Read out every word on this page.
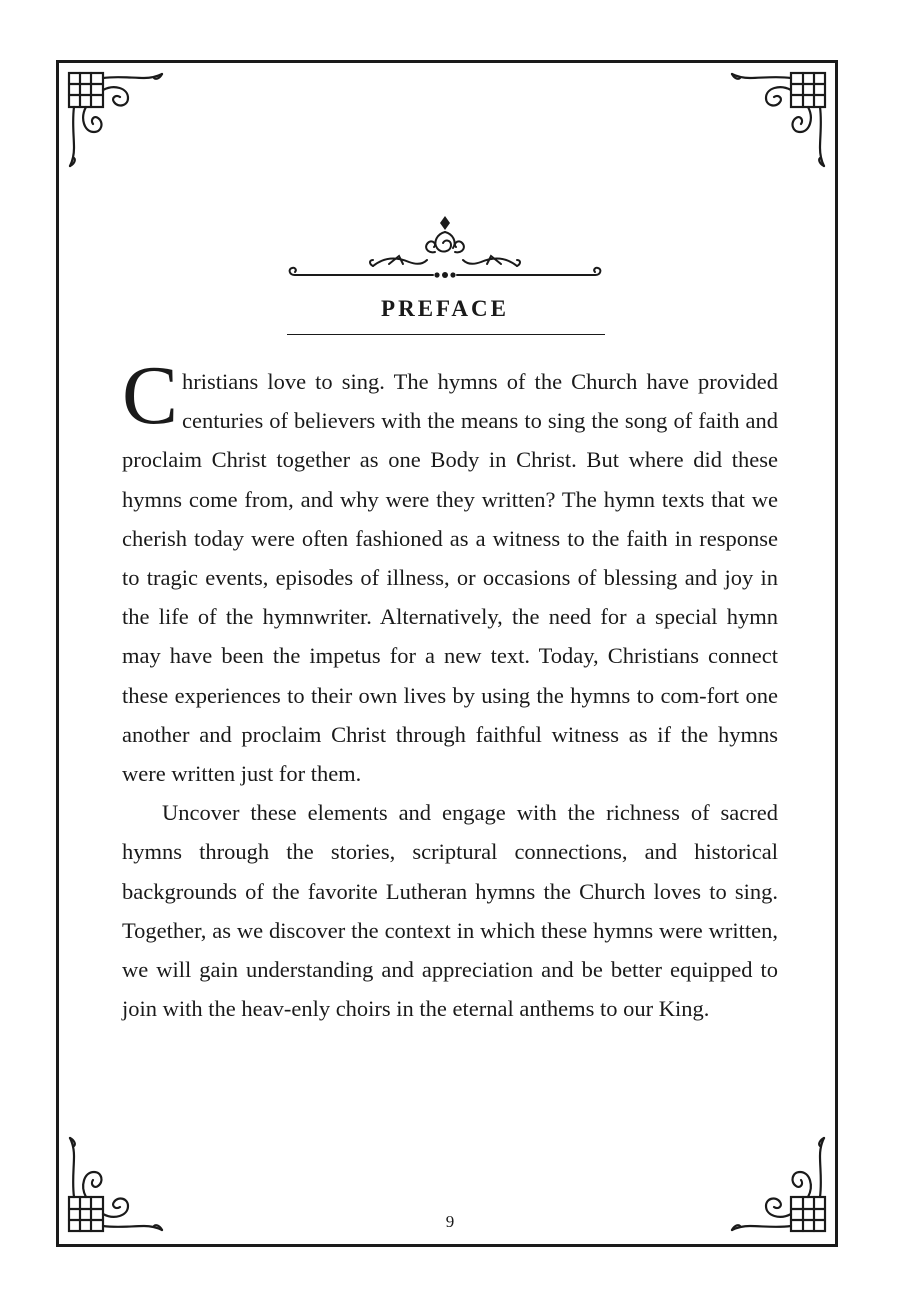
PREFACE

Christians love to sing. The hymns of the Church have provided centuries of believers with the means to sing the song of faith and proclaim Christ together as one Body in Christ. But where did these hymns come from, and why were they written? The hymn texts that we cherish today were often fashioned as a witness to the faith in response to tragic events, episodes of illness, or occasions of blessing and joy in the life of the hymnwriter. Alternatively, the need for a special hymn may have been the impetus for a new text. Today, Christians connect these experiences to their own lives by using the hymns to com-fort one another and proclaim Christ through faithful witness as if the hymns were written just for them.

Uncover these elements and engage with the richness of sacred hymns through the stories, scriptural connections, and historical backgrounds of the favorite Lutheran hymns the Church loves to sing. Together, as we discover the context in which these hymns were written, we will gain understanding and appreciation and be better equipped to join with the heav-enly choirs in the eternal anthems to our King.

9
